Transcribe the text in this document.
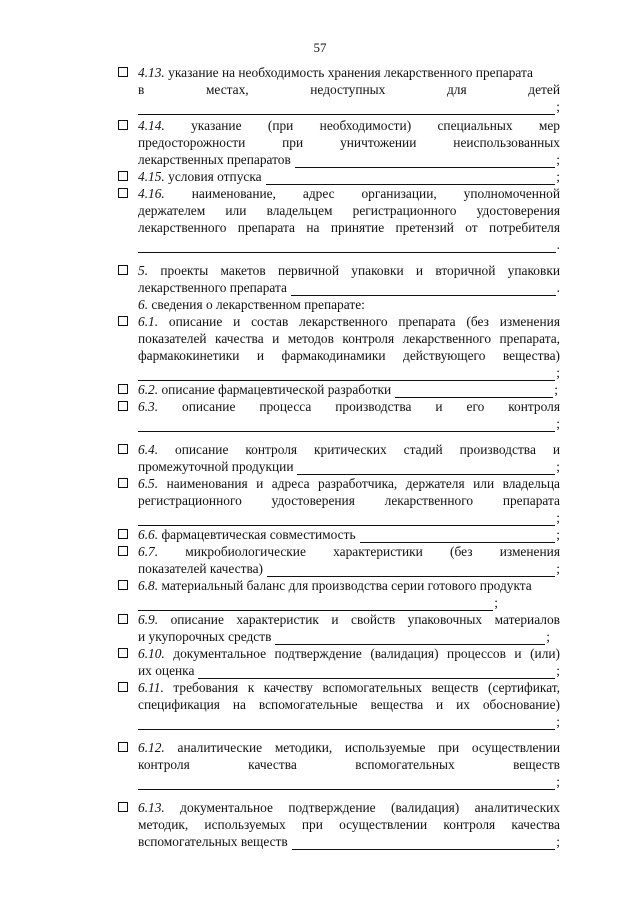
57
4.13. указание на необходимость хранения лекарственного препарата
в местах, недоступных для детей
;
4.14. указание (при необходимости) специальных мер
предосторожности при уничтожении неиспользованных
лекарственных препаратов	;
4.15.
условия отпуска	;
4.16. наименование, адрес организации, уполномоченной
держателем или владельцем регистрационного удостоверения
лекарственного препарата на принятие претензий от потребителя
.
5. проекты макетов первичной упаковки и вторичной упаковки
лекарственного препарата	.
6. сведения о лекарственном препарате:
6.1. описание и состав лекарственного препарата (без изменения
показателей качества и методов контроля лекарственного препарата,
фармакокинетики и фармакодинамики действующего вещества)
;
6.2.
описание фармацевтической разработки	;
6.3. описание процесса производства и его контроля
;
6.4. описание контроля критических стадий производства и
промежуточной продукции	;
6.5. наименования и адреса разработчика, держателя или владельца
регистрационного удостоверения лекарственного препарата
;
6.6.
фармацевтическая совместимость	;
6.7. микробиологические характеристики (без изменения
показателей качества)	;
6.8. материальный баланс для производства серии готового продукта
;
6.9. описание характеристик и свойств упаковочных материалов
и укупорочных средств	;
6.10. документальное подтверждение (валидация) процессов и (или)
их оценка	;
6.11. требования к качеству вспомогательных веществ (сертификат,
спецификация на вспомогательные вещества и их обоснование)
;
6.12. аналитические методики, используемые при осуществлении
контроля качества вспомогательных веществ
;
6.13. документальное подтверждение (валидация) аналитических
методик, используемых при осуществлении контроля качества
вспомогательных веществ	;
